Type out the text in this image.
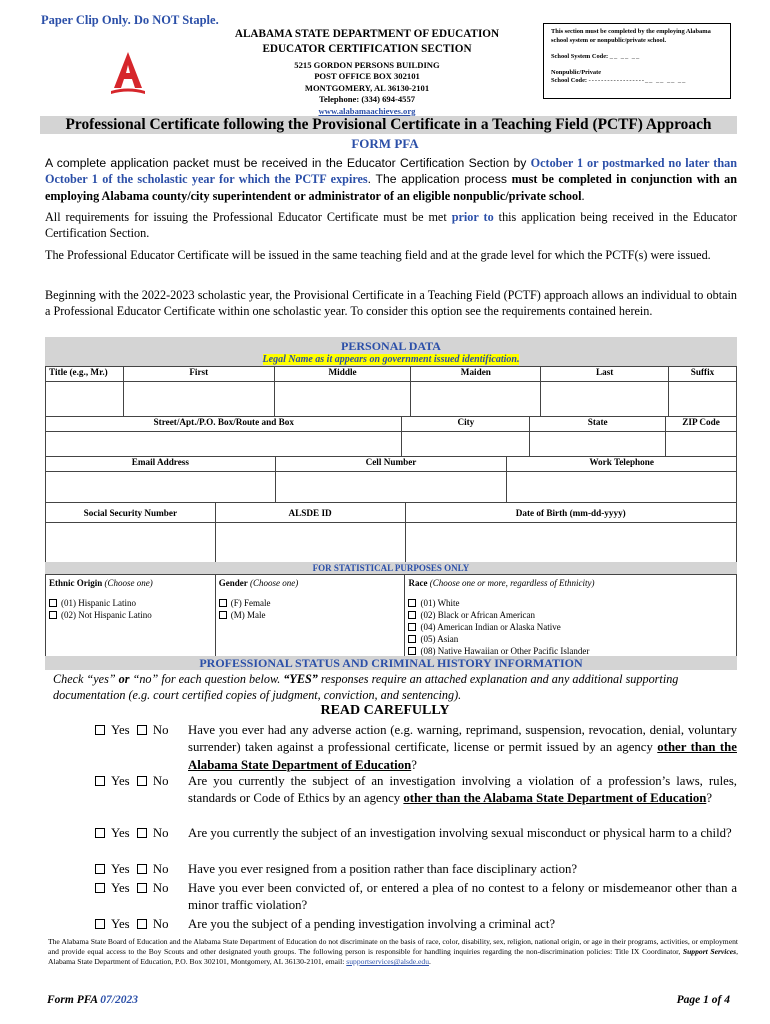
Paper Clip Only. Do NOT Staple.
ALABAMA STATE DEPARTMENT OF EDUCATION
EDUCATOR CERTIFICATION SECTION
5215 GORDON PERSONS BUILDING
POST OFFICE BOX 302101
MONTGOMERY, AL 36130-2101
Telephone: (334) 694-4557
www.alabamaachieves.org
This section must be completed by the employing Alabama school system or nonpublic/private school.
School System Code: __ __ __
Nonpublic/Private
School Code: ------------------__ __ __ __
Professional Certificate following the Provisional Certificate in a Teaching Field (PCTF) Approach
FORM PFA
A complete application packet must be received in the Educator Certification Section by October 1 or postmarked no later than October 1 of the scholastic year for which the PCTF expires. The application process must be completed in conjunction with an employing Alabama county/city superintendent or administrator of an eligible nonpublic/private school.
All requirements for issuing the Professional Educator Certificate must be met prior to this application being received in the Educator Certification Section.
The Professional Educator Certificate will be issued in the same teaching field and at the grade level for which the PCTF(s) were issued.
Beginning with the 2022-2023 scholastic year, the Provisional Certificate in a Teaching Field (PCTF) approach allows an individual to obtain a Professional Educator Certificate within one scholastic year. To consider this option see the requirements contained herein.
PERSONAL DATA
Legal Name as it appears on government issued identification.
Title (e.g., Mr.)	First	Middle	Maiden	Last	Suffix

Street/Apt./P.O. Box/Route and Box	City	State	ZIP Code

Email Address	Cell Number	Work Telephone

Social Security Number	ALSDE ID	Date of Birth (mm-dd-yyyy)

FOR STATISTICAL PURPOSES ONLY
Ethnic Origin (Choose one)
(01) Hispanic Latino
(02) Not Hispanic Latino

Gender (Choose one)
(F) Female
(M) Male

Race (Choose one or more, regardless of Ethnicity)
(01) White
(02) Black or African American
(04) American Indian or Alaska Native
(05) Asian
(08) Native Hawaiian or Other Pacific Islander
PROFESSIONAL STATUS AND CRIMINAL HISTORY INFORMATION
Check “yes” or “no” for each question below. “YES” responses require an attached explanation and any additional supporting documentation (e.g. court certified copies of judgment, conviction, and sentencing).
READ CAREFULLY
Yes No Have you ever had any adverse action (e.g. warning, reprimand, suspension, revocation, denial, voluntary surrender) taken against a professional certificate, license or permit issued by an agency other than the Alabama State Department of Education?
Yes No Are you currently the subject of an investigation involving a violation of a profession’s laws, rules, standards or Code of Ethics by an agency other than the Alabama State Department of Education?
Yes No Are you currently the subject of an investigation involving sexual misconduct or physical harm to a child?
Yes No Have you ever resigned from a position rather than face disciplinary action?
Yes No Have you ever been convicted of, or entered a plea of no contest to a felony or misdemeanor other than a minor traffic violation?
Yes No Are you the subject of a pending investigation involving a criminal act?
The Alabama State Board of Education and the Alabama State Department of Education do not discriminate on the basis of race, color, disability, sex, religion, national origin, or age in their programs, activities, or employment and provide equal access to the Boy Scouts and other designated youth groups. The following person is responsible for handling inquiries regarding the non-discrimination policies: Title IX Coordinator, Support Services, Alabama State Department of Education, P.O. Box 302101, Montgomery, AL 36130-2101, email: supportservices@alsde.edu.
Form PFA 07/2023	Page 1 of 4
